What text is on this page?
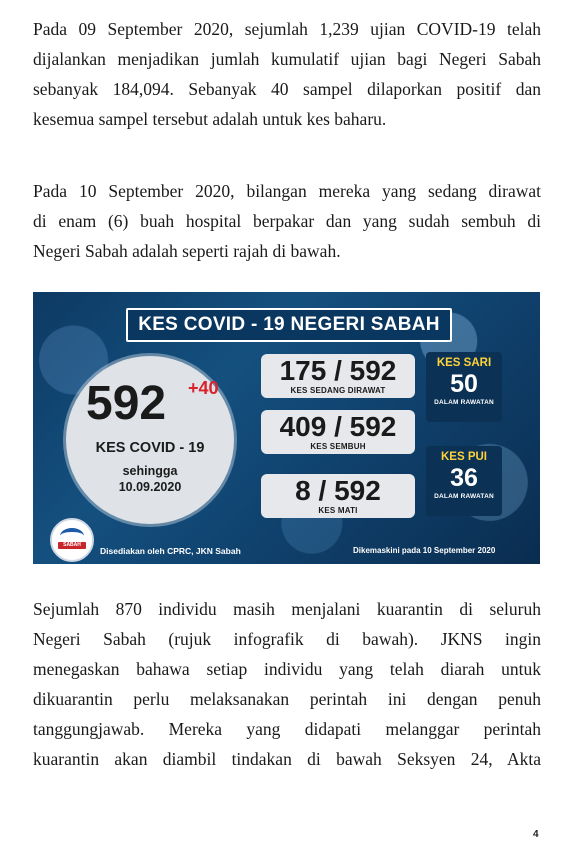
Pada 09 September 2020, sejumlah 1,239 ujian COVID-19 telah
dijalankan menjadikan jumlah kumulatif ujian bagi Negeri Sabah
sebanyak 184,094. Sebanyak 40 sampel dilaporkan positif dan
kesemua sampel tersebut adalah untuk kes baharu.

Pada 10 September 2020, bilangan mereka yang sedang dirawat
di enam (6) buah hospital berpakar dan yang sudah sembuh di
Negeri Sabah adalah seperti rajah di bawah.

KES COVID - 19 NEGERI SABAH
592 +40
KES COVID - 19
sehingga
10.09.2020
175 / 592
KES SEDANG DIRAWAT
409 / 592
KES SEMBUH
8 / 592
KES MATI
KES SARI
50
DALAM RAWATAN
KES PUI
36
DALAM RAWATAN
SABAH
Disediakan oleh CPRC, JKN Sabah	Dikemaskini pada 10 September 2020

Sejumlah 870 individu masih menjalani kuarantin di seluruh
Negeri Sabah (rujuk infografik di bawah). JKNS ingin
menegaskan bahawa setiap individu yang telah diarah untuk
dikuarantin perlu melaksanakan perintah ini dengan penuh
tanggungjawab. Mereka yang didapati melanggar perintah
kuarantin akan diambil tindakan di bawah Seksyen 24, Akta

4
